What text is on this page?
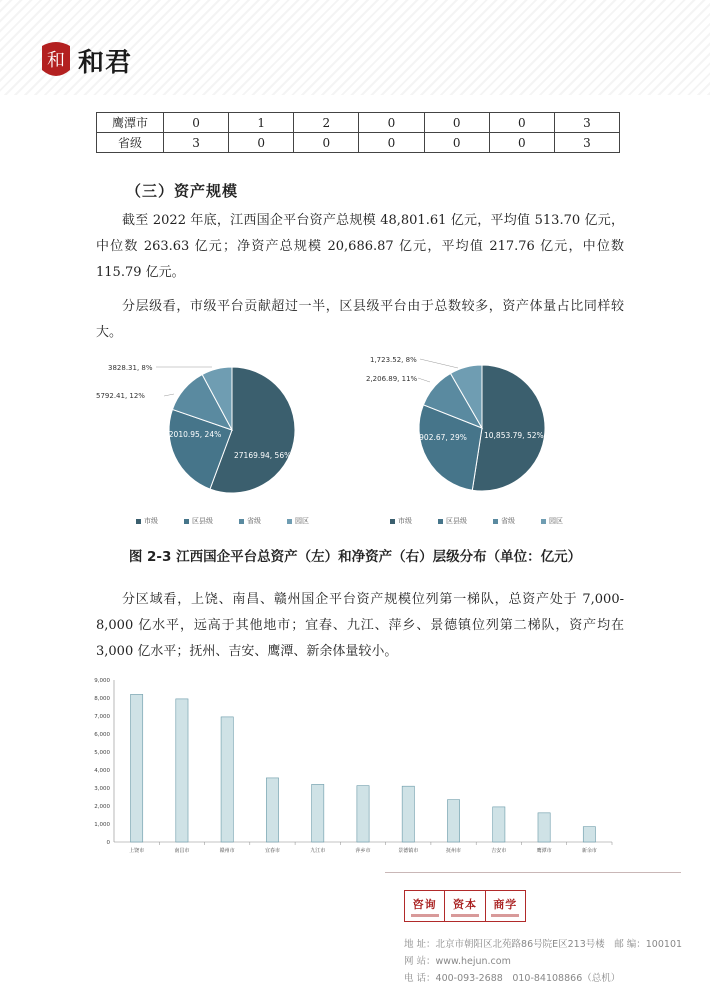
和 和君
鹰潭市	0	1	2	0	0	0	3
省级	3	0	0	0	0	0	3
（三）资产规模

截至 2022 年底，江西国企平台资产总规模 48,801.61 亿元，平均值 513.70 亿元，中位数 263.63 亿元；净资产总规模 20,686.87 亿元，平均值 217.76 亿元，中位数 115.79 亿元。

分层级看，市级平台贡献超过一半，区县级平台由于总数较多，资产体量占比同样较大。

3828.31, 8%
5792.41, 12%
12010.95, 24%
27169.94, 56%
1,723.52, 8%
2,206.89, 11%
5,902.67, 29% 10,853.79, 52%
市级	区县级	省级	园区	市级	区县级	省级	园区
图 2-3 江西国企平台总资产（左）和净资产（右）层级分布（单位：亿元）

分区域看，上饶、南昌、赣州国企平台资产规模位列第一梯队，总资产处于 7,000-8,000 亿水平，远高于其他地市；宜春、九江、萍乡、景德镇位列第二梯队，资产均在 3,000 亿水平；抚州、吉安、鹰潭、新余体量较小。

0
1,000
2,000
3,000
4,000
5,000
6,000
7,000
8,000
9,000
上饶市	南昌市	赣州市	宜春市	九江市	萍乡市	景德镇市	抚州市	吉安市	鹰潭市	新余市
咨询 资本 商学
地 址：北京市朝阳区北苑路86号院E区213号楼　邮 编：100101
网 站：www.hejun.com
电 话：400-093-2688　010-84108866（总机）
